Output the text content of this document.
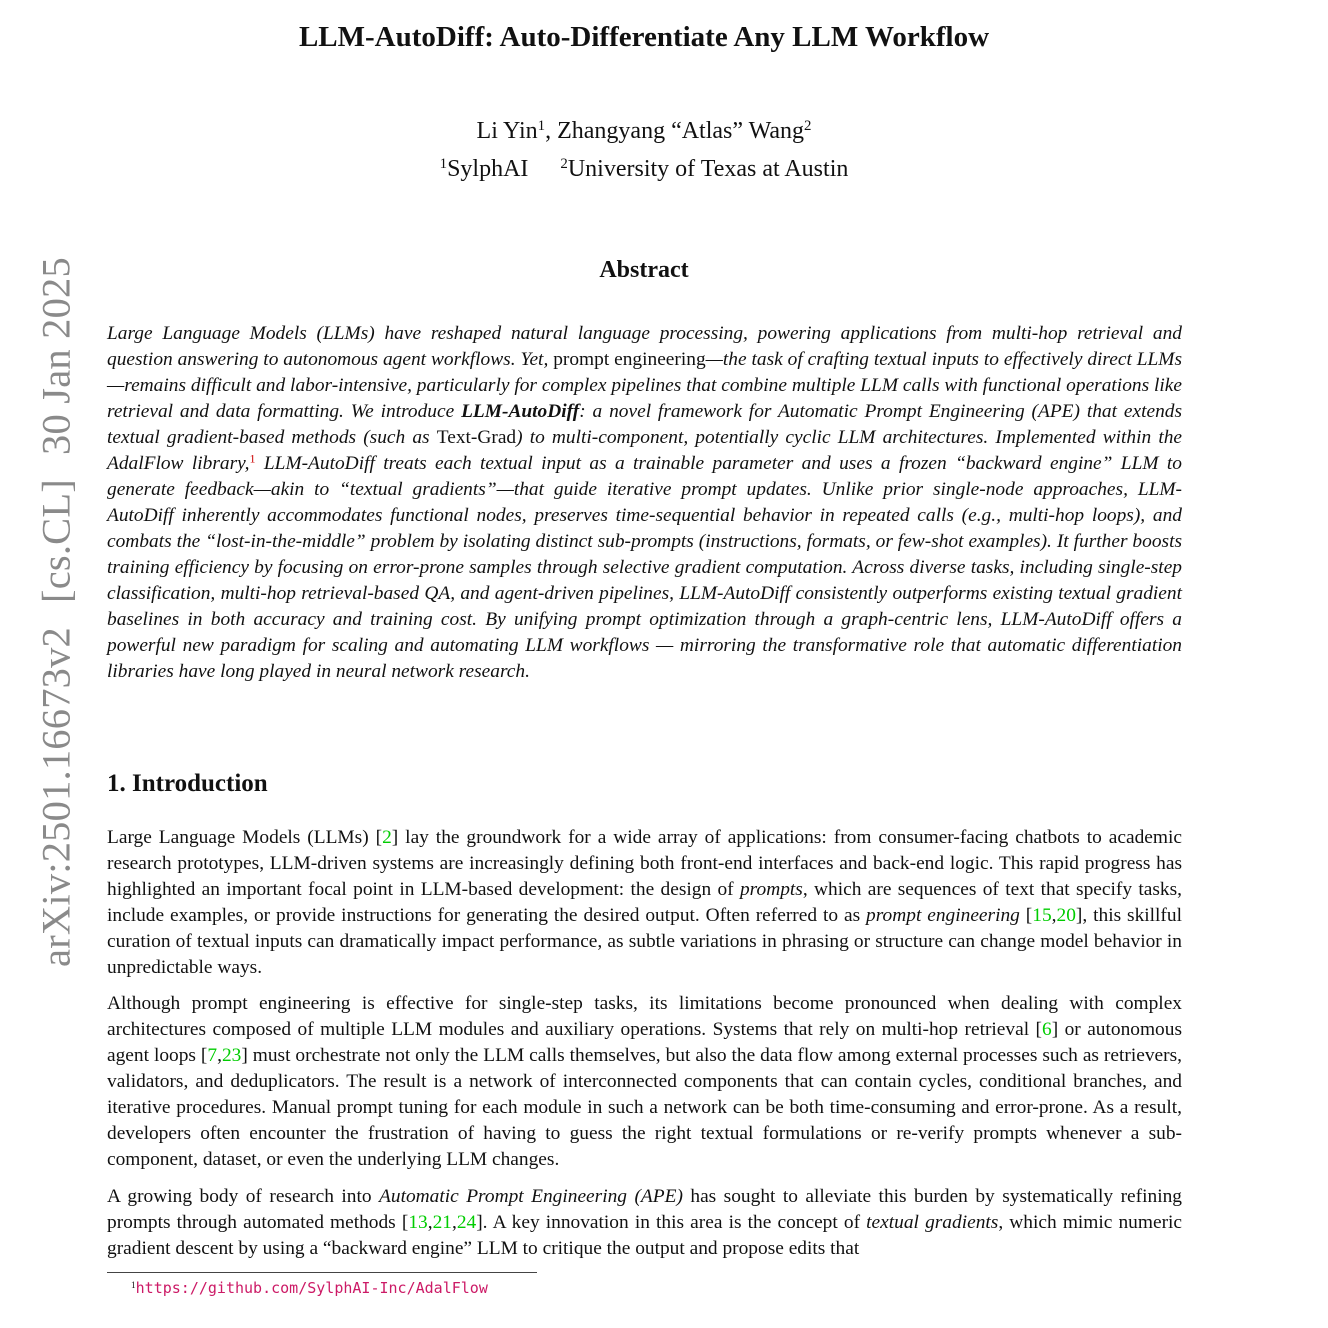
arXiv:2501.16673v2[cs.CL]30 Jan 2025
LLM-AutoDiff: Auto-Differentiate Any LLM Workflow
Li Yin$^1$, Zhangyang “Atlas” Wang$^2$
$^1$SylphAI $^2$University of Texas at Austin
Abstract

Large Language Models (LLMs) have reshaped natural language processing, powering applications from multi-hop retrieval and question answering to autonomous agent workflows. Yet, prompt engineering—the task of crafting textual inputs to effectively direct LLMs—remains difficult and labor-intensive, particularly for complex pipelines that combine multiple LLM calls with functional operations like retrieval and data formatting. We introduce LLM-AutoDiff: a novel framework for Automatic Prompt Engineering (APE) that extends textual gradient-based methods (such as Text-Grad) to multi-component, potentially cyclic LLM architectures. Implemented within the AdalFlow library,$^1$ LLM-AutoDiff treats each textual input as a trainable parameter and uses a frozen “backward engine” LLM to generate feedback—akin to “textual gradients”—that guide iterative prompt updates. Unlike prior single-node approaches, LLM-AutoDiff inherently accommodates functional nodes, preserves time-sequential behavior in repeated calls (e.g., multi-hop loops), and combats the “lost-in-the-middle” problem by isolating distinct sub-prompts (instructions, formats, or few-shot examples). It further boosts training efficiency by focusing on error-prone samples through selective gradient computation. Across diverse tasks, including single-step classification, multi-hop retrieval-based QA, and agent-driven pipelines, LLM-AutoDiff consistently outperforms existing textual gradient baselines in both accuracy and training cost. By unifying prompt optimization through a graph-centric lens, LLM-AutoDiff offers a powerful new paradigm for scaling and automating LLM workflows — mirroring the transformative role that automatic differentiation libraries have long played in neural network research.

1. Introduction

Large Language Models (LLMs) [2] lay the groundwork for a wide array of applications: from consumer-facing chatbots to academic research prototypes, LLM-driven systems are increasingly defining both front-end interfaces and back-end logic. This rapid progress has highlighted an important focal point in LLM-based development: the design of prompts, which are sequences of text that specify tasks, include examples, or provide instructions for generating the desired output. Often referred to as prompt engineering [15,20], this skillful curation of textual inputs can dramatically impact performance, as subtle variations in phrasing or structure can change model behavior in unpredictable ways.

Although prompt engineering is effective for single-step tasks, its limitations become pronounced when dealing with complex architectures composed of multiple LLM modules and auxiliary operations. Systems that rely on multi-hop retrieval [6] or autonomous agent loops [7,23] must orchestrate not only the LLM calls themselves, but also the data flow among external processes such as retrievers, validators, and deduplicators. The result is a network of interconnected components that can contain cycles, conditional branches, and iterative procedures. Manual prompt tuning for each module in such a network can be both time-consuming and error-prone. As a result, developers often encounter the frustration of having to guess the right textual formulations or re-verify prompts whenever a sub-component, dataset, or even the underlying LLM changes.

A growing body of research into Automatic Prompt Engineering (APE) has sought to alleviate this burden by systematically refining prompts through automated methods [13,21,24]. A key innovation in this area is the concept of textual gradients, which mimic numeric gradient descent by using a “backward engine” LLM to critique the output and propose edits that

$^1$https://github.com/SylphAI-Inc/AdalFlow
